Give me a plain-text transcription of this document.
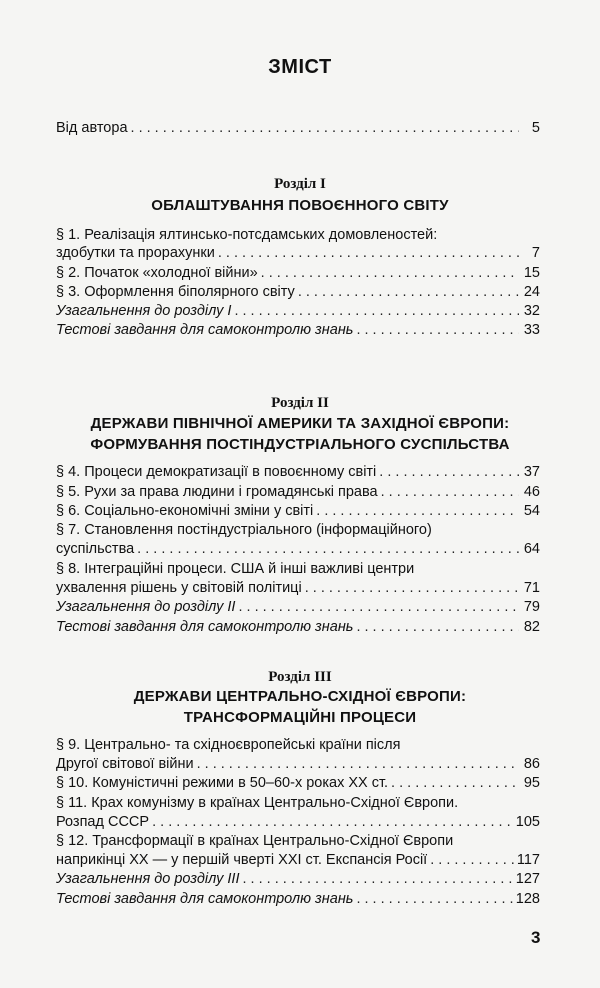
ЗМІСТ
Від автора . . .	5
Розділ I
ОБЛАШТУВАННЯ ПОВОЄННОГО СВІТУ
§ 1. Реалізація ялтинсько-потсдамських домовленостей:
здобутки та прорахунки . . .	7
§ 2. Початок «холодної війни» . . .	15
§ 3. Оформлення біполярного світу . . .	24
Узагальнення до розділу I . . .	32
Тестові завдання для самоконтролю знань . . .	33
Розділ II
ДЕРЖАВИ ПІВНІЧНОЇ АМЕРИКИ ТА ЗАХІДНОЇ ЄВРОПИ:
ФОРМУВАННЯ ПОСТІНДУСТРІАЛЬНОГО СУСПІЛЬСТВА
§ 4. Процеси демократизації в повоєнному світі . . .	37
§ 5. Рухи за права людини і громадянські права . . .	46
§ 6. Соціально-економічні зміни у світі . . .	54
§ 7. Становлення постіндустріального (інформаційного)
суспільства . . .	64
§ 8. Інтеграційні процеси. США й інші важливі центри
ухвалення рішень у світовій політиці . . .	71
Узагальнення до розділу II . . .	79
Тестові завдання для самоконтролю знань . . .	82
Розділ III
ДЕРЖАВИ ЦЕНТРАЛЬНО-СХІДНОЇ ЄВРОПИ:
ТРАНСФОРМАЦІЙНІ ПРОЦЕСИ
§ 9. Центрально- та східноєвропейські країни після
Другої світової війни . . .	86
§ 10. Комуністичні режими в 50–60-х роках XX ст. . . .	95
§ 11. Крах комунізму в країнах Центрально-Східної Європи.
Розпад СССР . . .	105
§ 12. Трансформації в країнах Центрально-Східної Європи
наприкінці XX — у першій чверті XXI ст. Експансія Росії . . .	117
Узагальнення до розділу III . . .	127
Тестові завдання для самоконтролю знань . . .	128
3
